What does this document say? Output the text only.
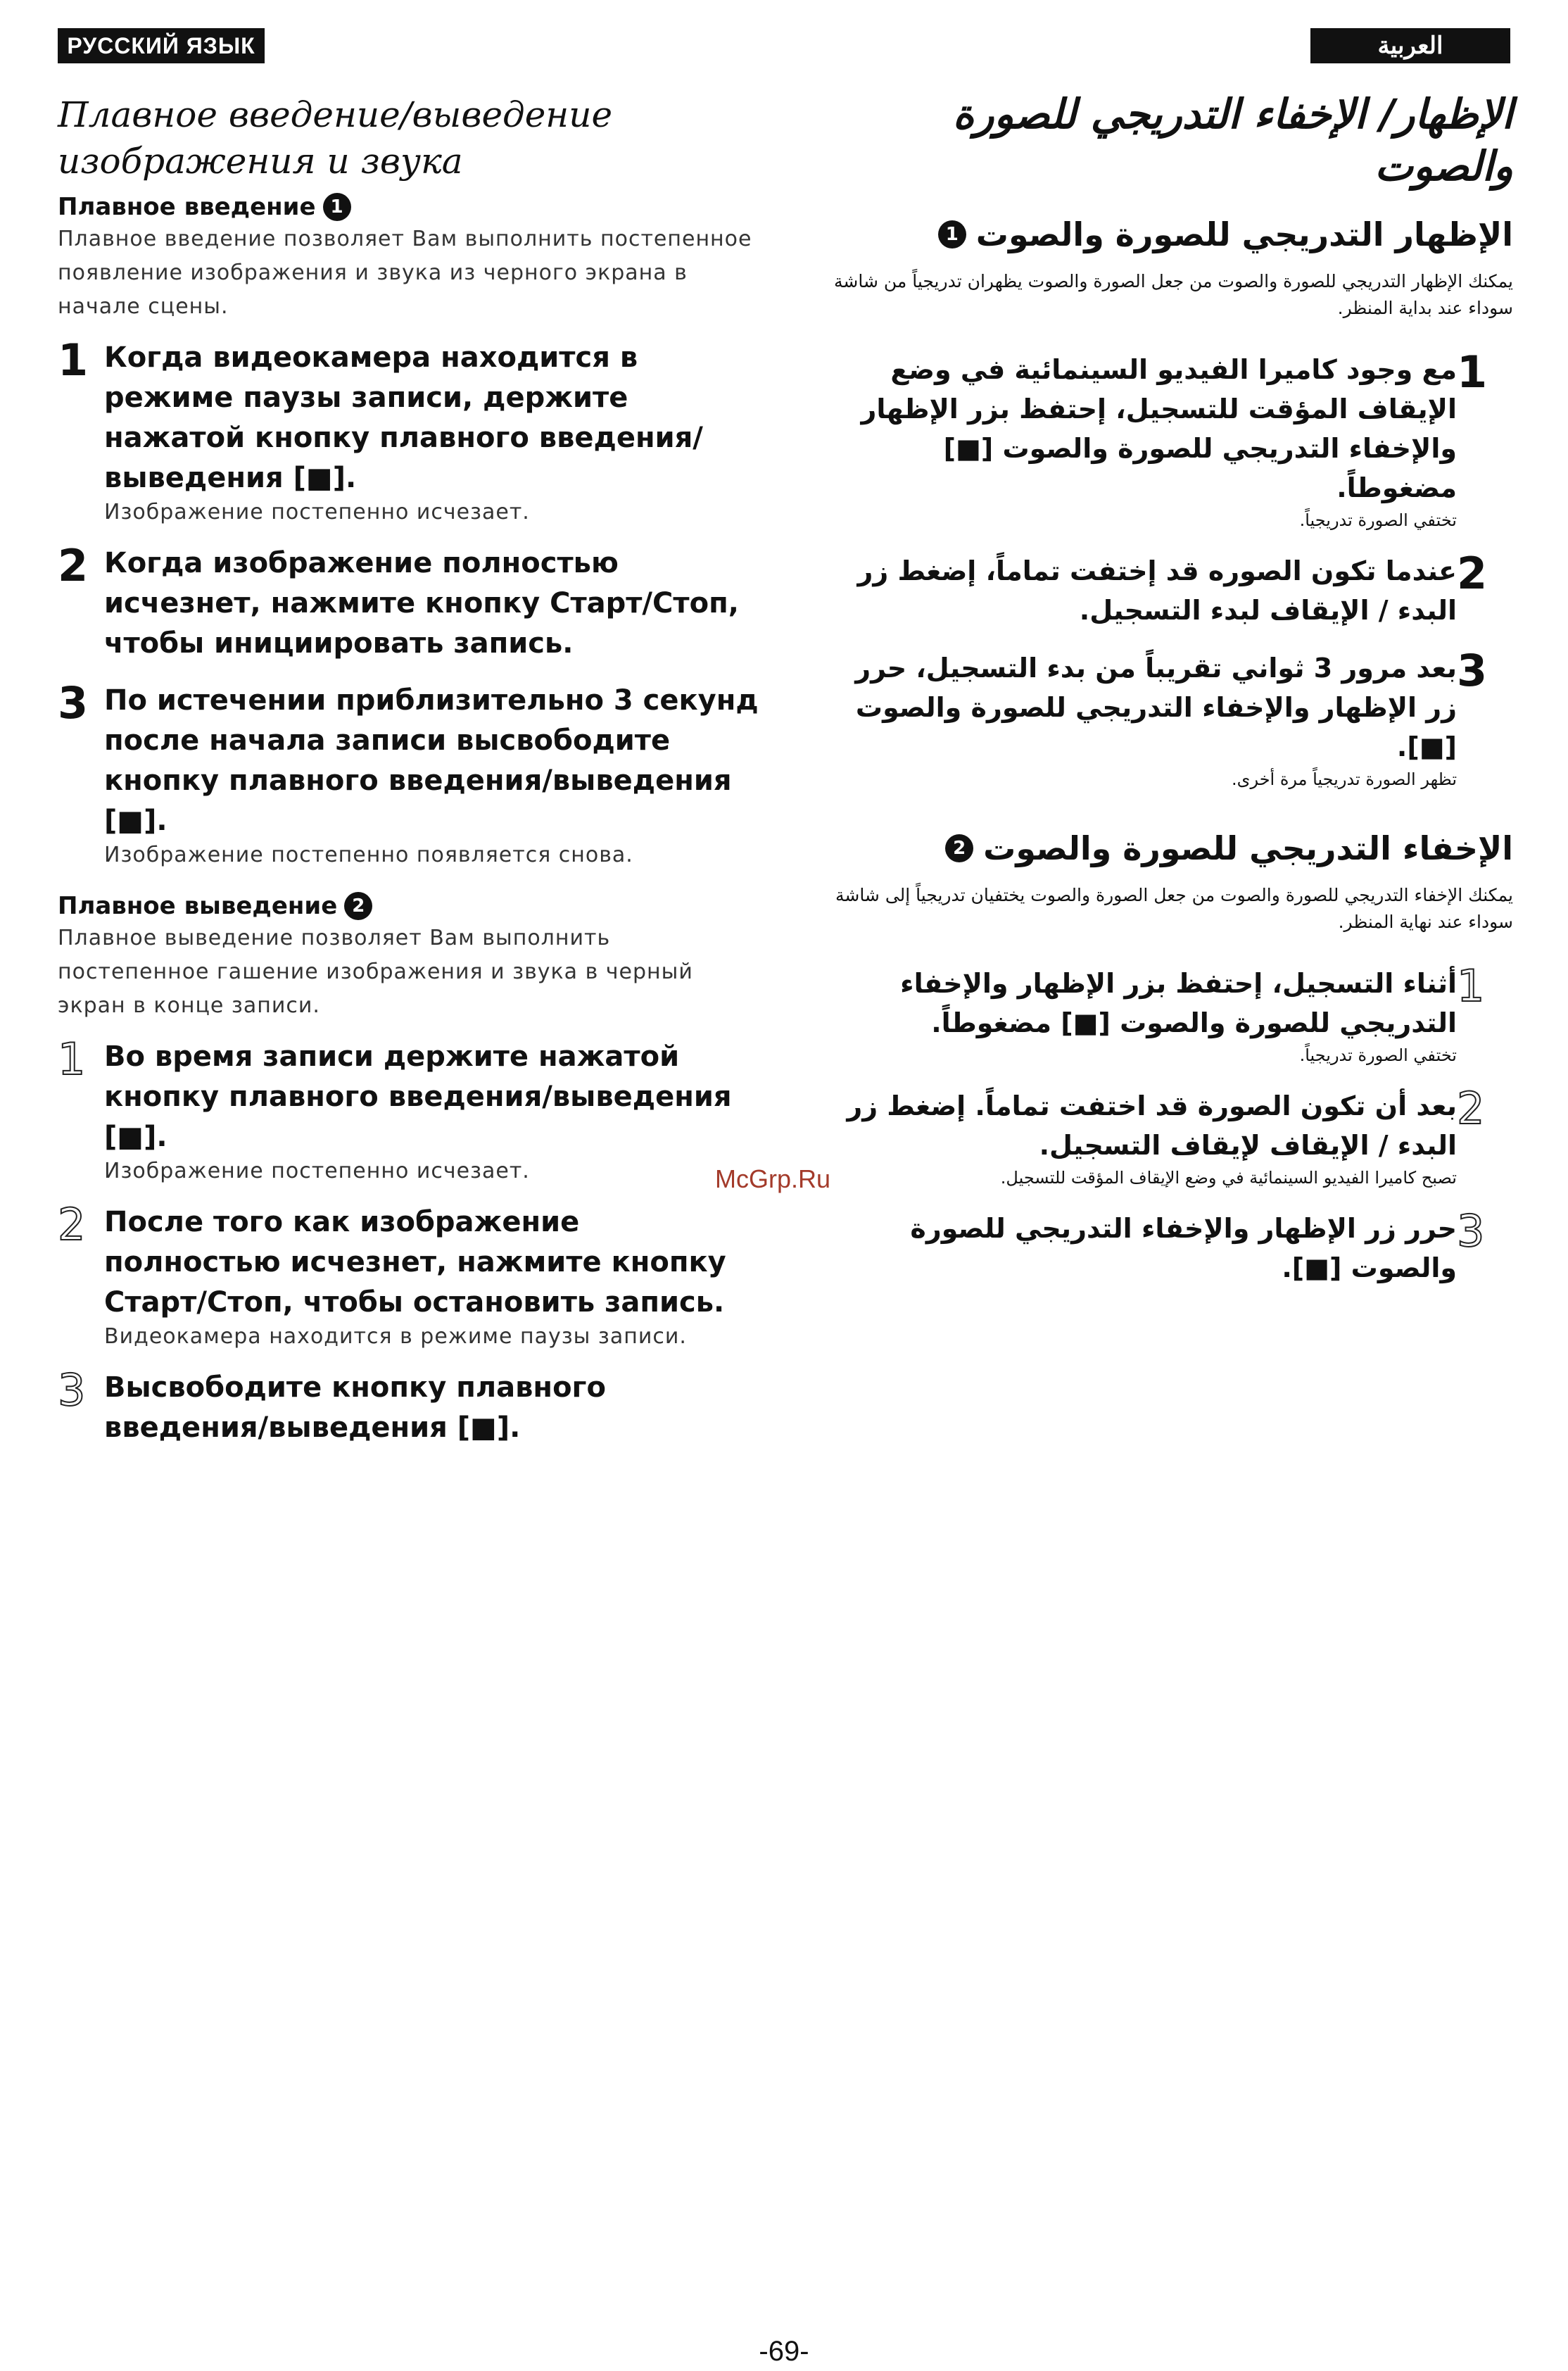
РУССКИЙ ЯЗЫК	العربية
Плавное введение/выведение изображения и звука
Плавное введение 1

Плавное введение позволяет Вам выполнить постепенное появление изображения и звука из черного экрана в начале сцены.

1 Когда видеокамера находится в режиме паузы записи, держите нажатой кнопку плавного введения/выведения [■].
Изображение постепенно исчезает.
2 Когда изображение полностью исчезнет, нажмите кнопку Старт/Стоп, чтобы инициировать запись.
3 По истечении приблизительно 3 секунд после начала записи высвободите кнопку плавного введения/выведения [■].
Изображение постепенно появляется снова.
Плавное выведение 2

Плавное выведение позволяет Вам выполнить постепенное гашение изображения и звука в черный экран в конце записи.

1 Во время записи держите нажатой кнопку плавного введения/выведения [■].
Изображение постепенно исчезает.
2 После того как изображение полностью исчезнет, нажмите кнопку Старт/Стоп, чтобы остановить запись.
Видеокамера находится в режиме паузы записи.
3 Высвободите кнопку плавного введения/выведения [■].
الإظهار/ الإخفاء التدريجي للصورة والصوت
الإظهار التدريجي للصورة والصوت
1

يمكنك الإظهار التدريجي للصورة والصوت من جعل الصورة والصوت يظهران تدريجياً من شاشة سوداء عند بداية المنظر.

1
مع وجود كاميرا الفيديو السينمائية في وضع الإيقاف المؤقت للتسجيل، إحتفظ بزر الإظهار والإخفاء التدريجي للصورة والصوت [■] مضغوطاً.
تختفي الصورة تدريجياً.
2
عندما تكون الصوره قد إختفت تماماً، إضغط زر البدء / الإيقاف لبدء التسجيل.
3
بعد مرور 3 ثواني تقريباً من بدء التسجيل، حرر زر الإظهار والإخفاء التدريجي للصورة والصوت [■].
تظهر الصورة تدريجياً مرة أخرى.
الإخفاء التدريجي للصورة والصوت
2

يمكنك الإخفاء التدريجي للصورة والصوت من جعل الصورة والصوت يختفيان تدريجياً إلى شاشة سوداء عند نهاية المنظر.

1
أثناء التسجيل، إحتفظ بزر الإظهار والإخفاء التدريجي للصورة والصوت [■] مضغوطاً.
تختفي الصورة تدريجياً.
2
بعد أن تكون الصورة قد اختفت تماماً. إضغط زر البدء / الإيقاف لإيقاف التسجيل.
تصبح كاميرا الفيديو السينمائية في وضع الإيقاف المؤقت للتسجيل.
3
حرر زر الإظهار والإخفاء التدريجي للصورة والصوت [■].
McGrp.Ru
-69-
